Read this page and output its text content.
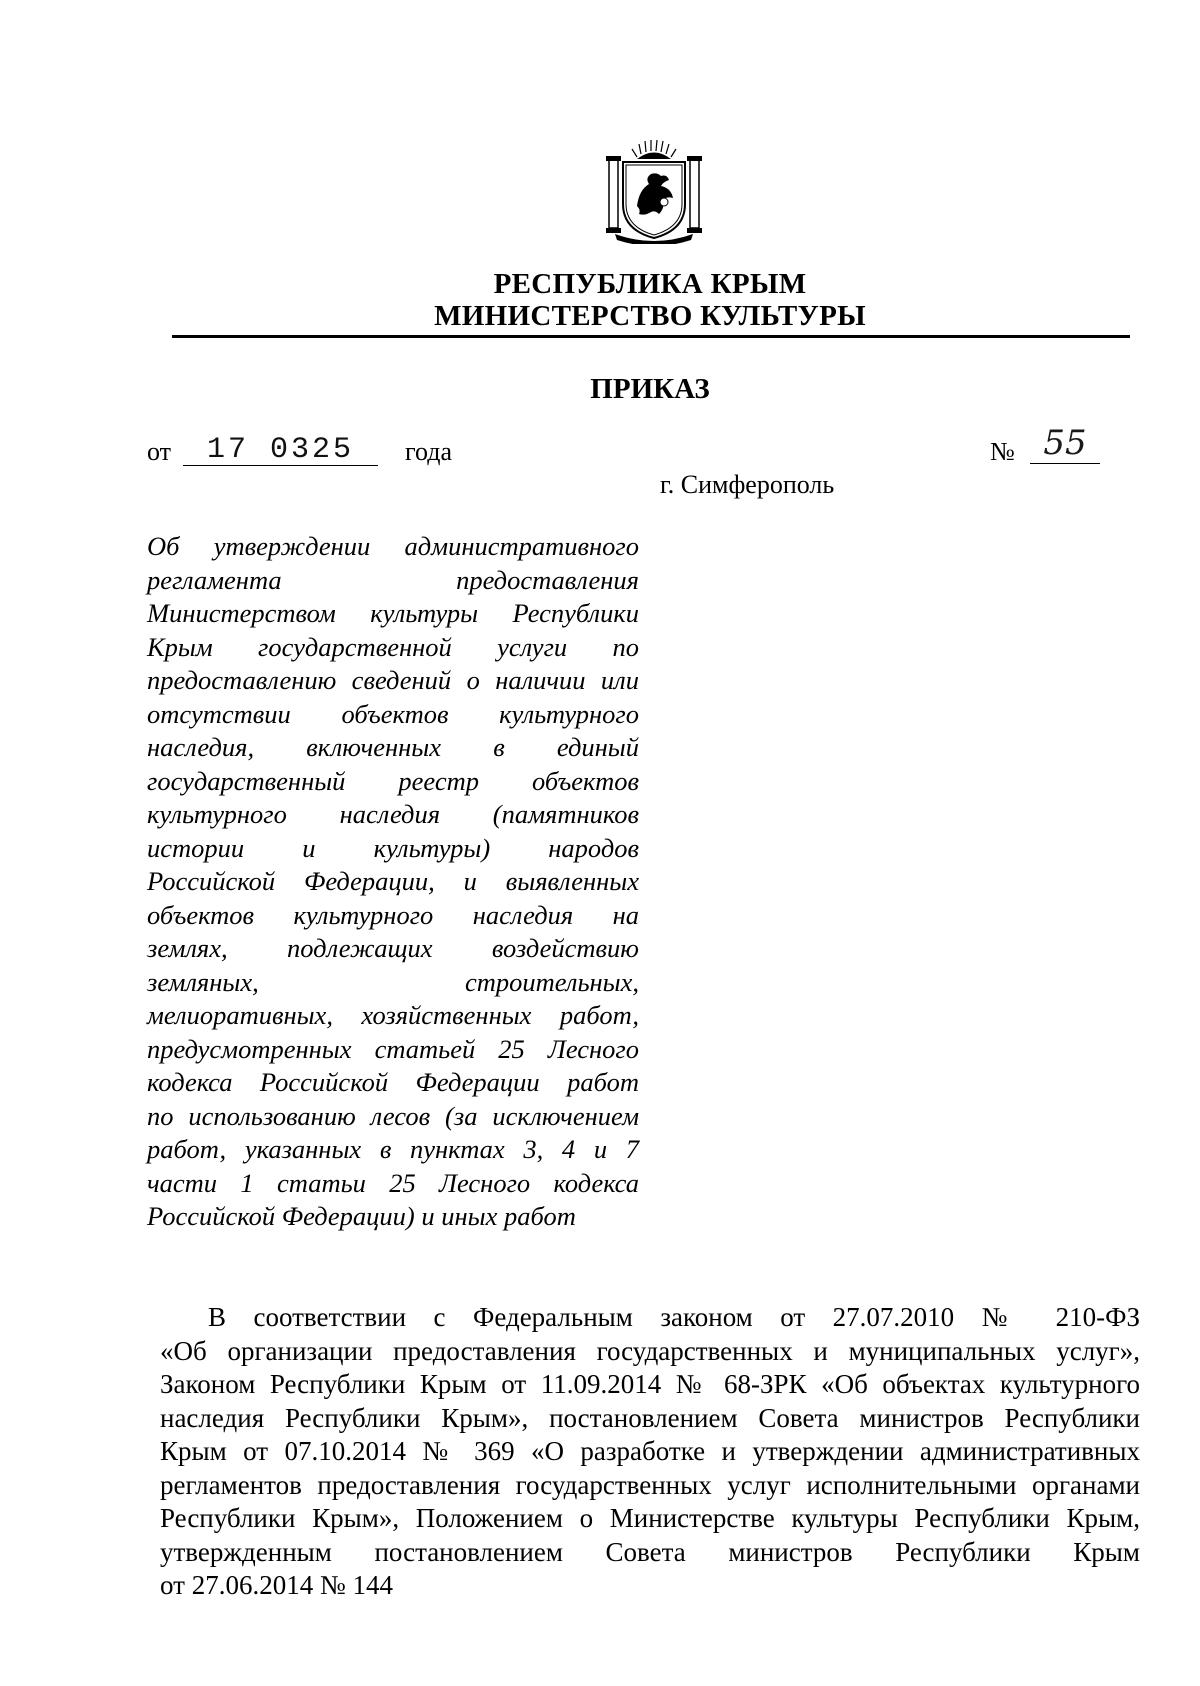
РЕСПУБЛИКА КРЫМ
МИНИСТЕРСТВО КУЛЬТУРЫ
ПРИКАЗ
от	17 0325	года	№ 55
г. Симферополь
Об утверждении административного
регламента предоставления
Министерством культуры Республики
Крым государственной услуги по
предоставлению сведений о наличии или
отсутствии объектов культурного
наследия, включенных в единый
государственный реестр объектов
культурного наследия (памятников
истории и культуры) народов
Российской Федерации, и выявленных
объектов культурного наследия на
землях, подлежащих воздействию
земляных, строительных,
мелиоративных, хозяйственных работ,
предусмотренных статьей 25 Лесного
кодекса Российской Федерации работ
по использованию лесов (за исключением
работ, указанных в пунктах 3, 4 и 7
части 1 статьи 25 Лесного кодекса
Российской Федерации) и иных работ
В соответствии с Федеральным законом от 27.07.2010 № 210-ФЗ
«Об организации предоставления государственных и муниципальных услуг»,
Законом Республики Крым от 11.09.2014 № 68-ЗРК «Об объектах культурного
наследия Республики Крым», постановлением Совета министров Республики
Крым от 07.10.2014 № 369 «О разработке и утверждении административных
регламентов предоставления государственных услуг исполнительными органами
Республики Крым», Положением о Министерстве культуры Республики Крым,
утвержденным постановлением Совета министров Республики Крым
от 27.06.2014 № 144
